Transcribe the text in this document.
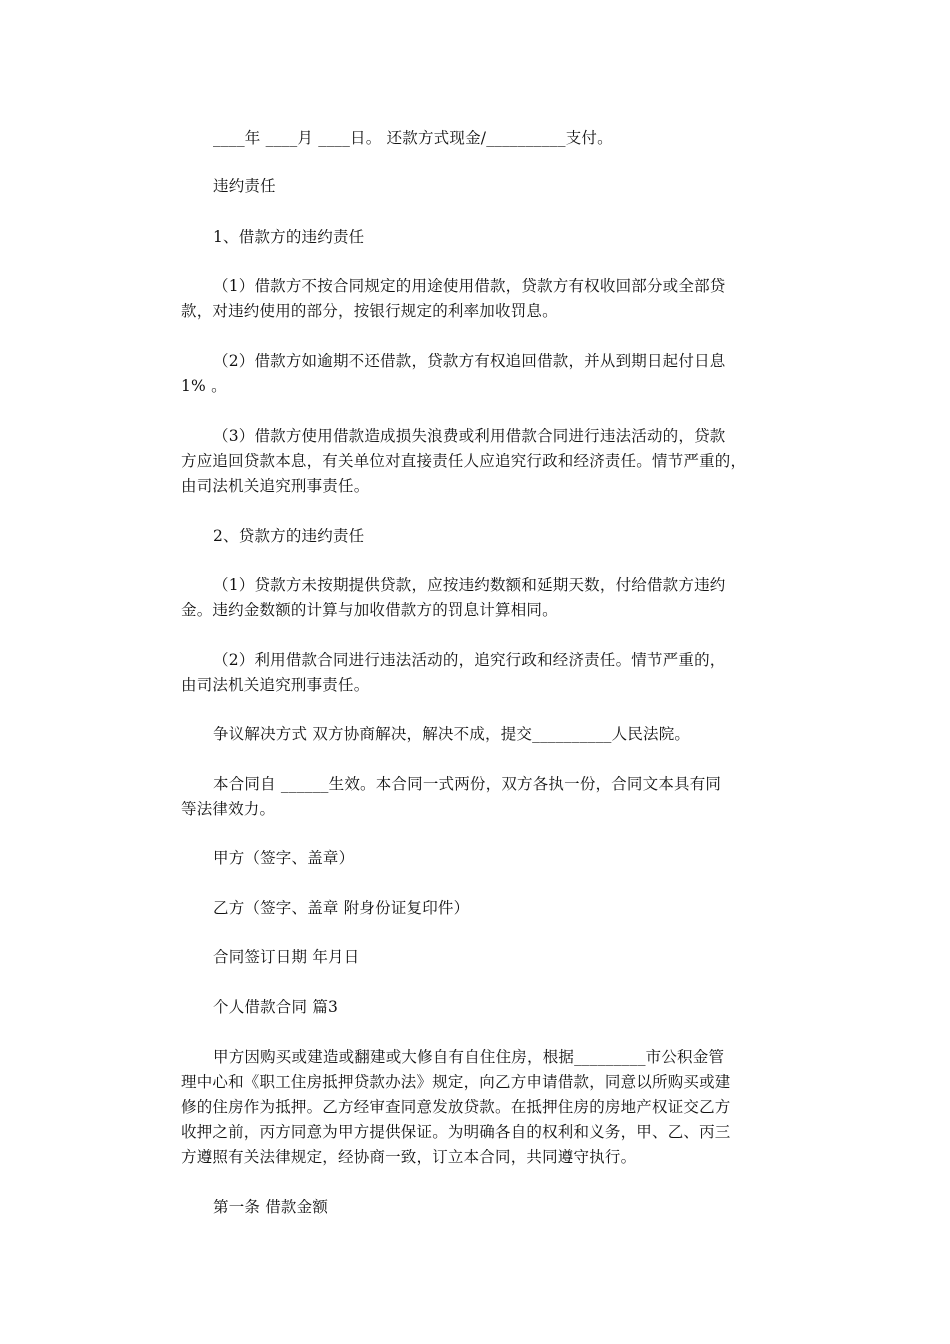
____年 ____月 ____日。 还款方式现金/__________支付。
违约责任
1、借款方的违约责任
（1）借款方不按合同规定的用途使用借款，贷款方有权收回部分或全部贷
款，对违约使用的部分，按银行规定的利率加收罚息。
（2）借款方如逾期不还借款，贷款方有权追回借款，并从到期日起付日息
1% 。
（3）借款方使用借款造成损失浪费或利用借款合同进行违法活动的，贷款
方应追回贷款本息，有关单位对直接责任人应追究行政和经济责任。情节严重的，
由司法机关追究刑事责任。
2、贷款方的违约责任
（1）贷款方未按期提供贷款，应按违约数额和延期天数，付给借款方违约
金。违约金数额的计算与加收借款方的罚息计算相同。
（2）利用借款合同进行违法活动的，追究行政和经济责任。情节严重的，
由司法机关追究刑事责任。
争议解决方式 双方协商解决，解决不成，提交__________人民法院。
本合同自 ______生效。本合同一式两份，双方各执一份，合同文本具有同
等法律效力。
甲方（签字、盖章）
乙方（签字、盖章 附身份证复印件）
合同签订日期 年月日
个人借款合同 篇3
甲方因购买或建造或翻建或大修自有自住住房，根据_________市公积金管
理中心和《职工住房抵押贷款办法》规定，向乙方申请借款，同意以所购买或建
修的住房作为抵押。乙方经审查同意发放贷款。在抵押住房的房地产权证交乙方
收押之前，丙方同意为甲方提供保证。为明确各自的权利和义务，甲、乙、丙三
方遵照有关法律规定，经协商一致，订立本合同，共同遵守执行。
第一条 借款金额
